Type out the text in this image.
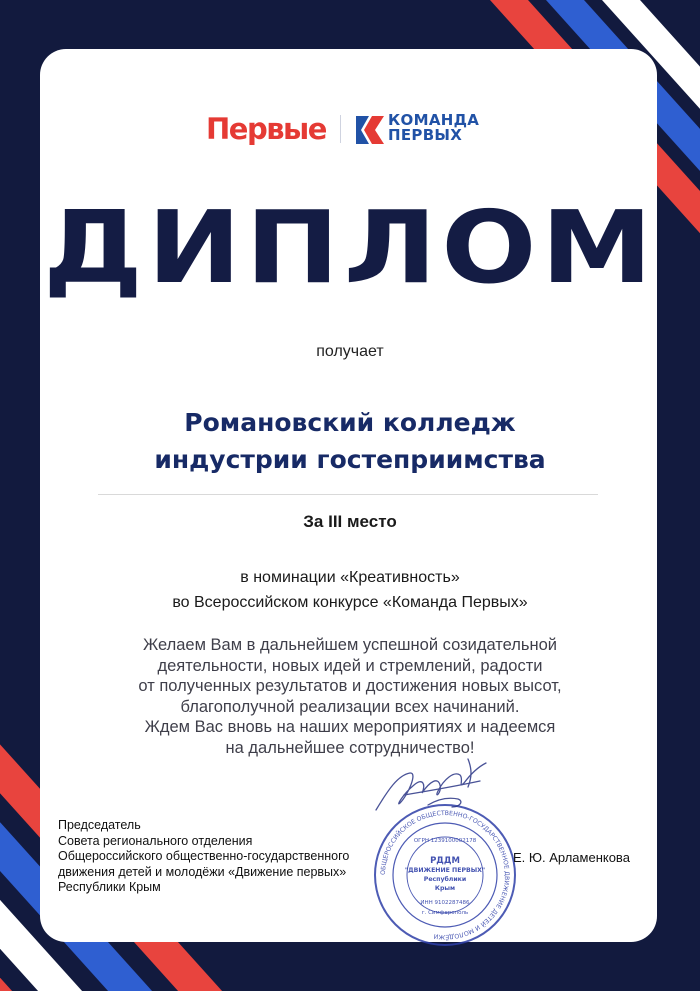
Первые	КОМАНДА
ПЕРВЫХ
ДИПЛОМ
получает
Романовский колледж
индустрии гостеприимства
За III место
в номинации «Креативность»
во Всероссийском конкурсе «Команда Первых»
Желаем Вам в дальнейшем успешной созидательной
деятельности, новых идей и стремлений, радости
от полученных результатов и достижения новых высот,
благополучной реализации всех начинаний.
Ждем Вас вновь на наших мероприятиях и надеемся
на дальнейшее сотрудничество!
Председатель
Совета регионального отделения
Общероссийского общественно-государственного
движения детей и молодёжи «Движение первых»
Республики Крым
ОБЩЕРОССИЙСКОЕ ОБЩЕСТВЕННО-ГОСУДАРСТВЕННОЕ ДВИЖЕНИЕ ДЕТЕЙ И МОЛОДЁЖИ
ОГРН 1239100002178
РДДМ
"ДВИЖЕНИЕ ПЕРВЫХ"
Республики
Крым
ИНН 9102287486
г. Симферополь
Е. Ю. Арламенкова
